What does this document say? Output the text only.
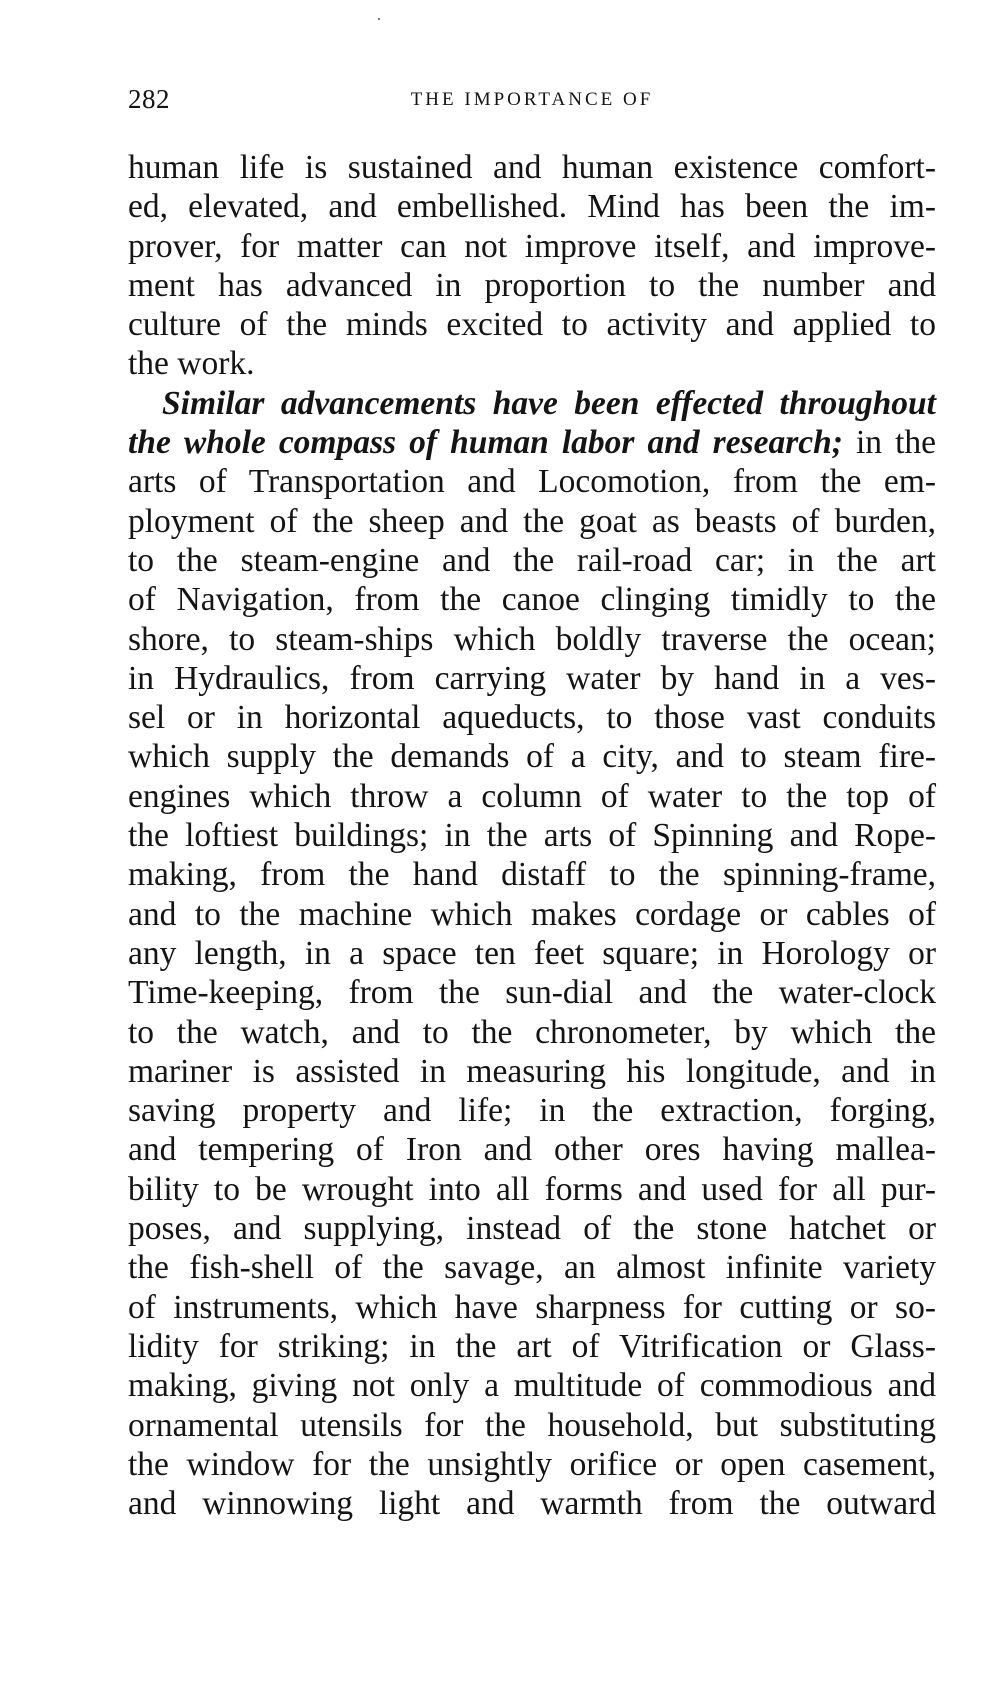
282	THE IMPORTANCE OF
human life is sustained and human existence comfort-
ed, elevated, and embellished. Mind has been the im-
prover, for matter can not improve itself, and improve-
ment has advanced in proportion to the number and
culture of the minds excited to activity and applied to
the work.
Similar advancements have been effected throughout
the whole compass of human labor and research; in the
arts of Transportation and Locomotion, from the em-
ployment of the sheep and the goat as beasts of burden,
to the steam-engine and the rail-road car; in the art
of Navigation, from the canoe clinging timidly to the
shore, to steam-ships which boldly traverse the ocean;
in Hydraulics, from carrying water by hand in a ves-
sel or in horizontal aqueducts, to those vast conduits
which supply the demands of a city, and to steam fire-
engines which throw a column of water to the top of
the loftiest buildings; in the arts of Spinning and Rope-
making, from the hand distaff to the spinning-frame,
and to the machine which makes cordage or cables of
any length, in a space ten feet square; in Horology or
Time-keeping, from the sun-dial and the water-clock
to the watch, and to the chronometer, by which the
mariner is assisted in measuring his longitude, and in
saving property and life; in the extraction, forging,
and tempering of Iron and other ores having mallea-
bility to be wrought into all forms and used for all pur-
poses, and supplying, instead of the stone hatchet or
the fish-shell of the savage, an almost infinite variety
of instruments, which have sharpness for cutting or so-
lidity for striking; in the art of Vitrification or Glass-
making, giving not only a multitude of commodious and
ornamental utensils for the household, but substituting
the window for the unsightly orifice or open casement,
and winnowing light and warmth from the outward
